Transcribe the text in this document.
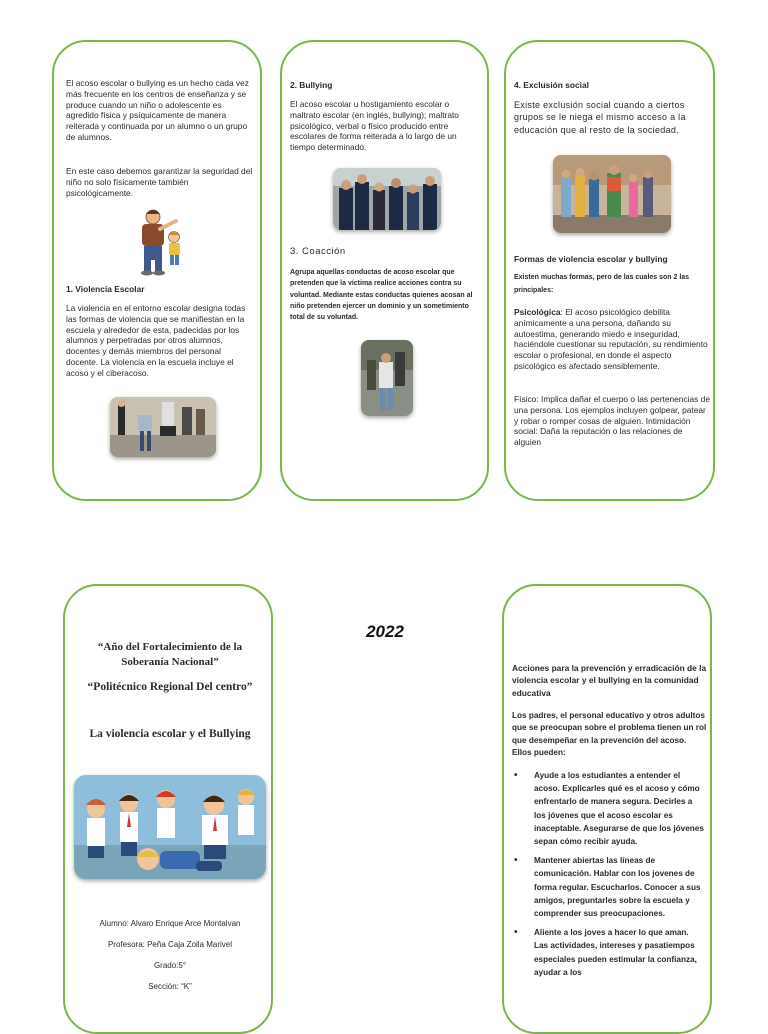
El acoso escolar o bullying es un hecho cada vez más frecuente en los centros de enseñanza y se produce cuando un niño o adolescente es agredido física y psíquicamente de manera reiterada y continuada por un alumno o un grupo de alumnos.

En este caso debemos garantizar la seguridad del niño no solo físicamente también psicológicamente.

1. Violencia Escolar

La violencia en el entorno escolar designa todas las formas de violencia que se manifiestan en la escuela y alrededor de esta, padecidas por los alumnos y perpetradas por otros alumnos, docentes y demás miembros del personal docente. La violencia en la escuela incluye el acoso y el ciberacoso.

2. Bullying

El acoso escolar u hostigamiento escolar o maltrato escolar (en inglés, bullying); maltrato psicológico, verbal o físico producido entre escolares de forma reiterada a lo largo de un tiempo determinado.

3. Coacción

Agrupa aquellas conductas de acoso escolar que pretenden que la víctima realice acciones contra su voluntad. Mediante estas conductas quienes acosan al niño pretenden ejercer un dominio y un sometimiento total de su voluntad.

4. Exclusión social

Existe exclusión social cuando a ciertos grupos se le niega el mismo acceso a la educación que al resto de la sociedad.

Formas de violencia escolar y bullying

Existen muchas formas, pero de las cuales son 2 las principales:

Psicológica: El acoso psicológico debilita anímicamente a una persona, dañando su autoestima, generando miedo e inseguridad, haciéndole cuestionar su reputación, su rendimiento escolar o profesional, en donde el aspecto psicológico es afectado sensiblemente.

Físico: Implica dañar el cuerpo o las pertenencias de una persona. Los ejemplos incluyen golpear, patear y robar o romper cosas de alguien. Intimidación social: Daña la reputación o las relaciones de alguien

“Año del Fortalecimiento de la Soberanía Nacional”

“Politécnico Regional Del centro”

La violencia escolar y el Bullying

Alumno: Alvaro Enrique Arce Montalvan

Profesora: Peña Caja Zoila Marivel

Grado:5°

Sección: “K”

2022

Acciones para la prevención y erradicación de la violencia escolar y el bullying en la comunidad educativa

Los padres, el personal educativo y otros adultos que se preocupan sobre el problema tienen un rol que desempeñar en la prevención del acoso. Ellos pueden:

• Ayude a los estudiantes a entender el acoso. Explicarles qué es el acoso y cómo enfrentarlo de manera segura. Decirles a los jóvenes que el acoso escolar es inaceptable. Asegurarse de que los jóvenes sepan cómo recibir ayuda.
• Mantener abiertas las líneas de comunicación. Hablar con los jovenes de forma regular. Escucharlos. Conocer a sus amigos, preguntarles sobre la escuela y comprender sus preocupaciones.
• Aliente a los joves a hacer lo que aman. Las actividades, intereses y pasatiempos especiales pueden estimular la confianza, ayudar a los
